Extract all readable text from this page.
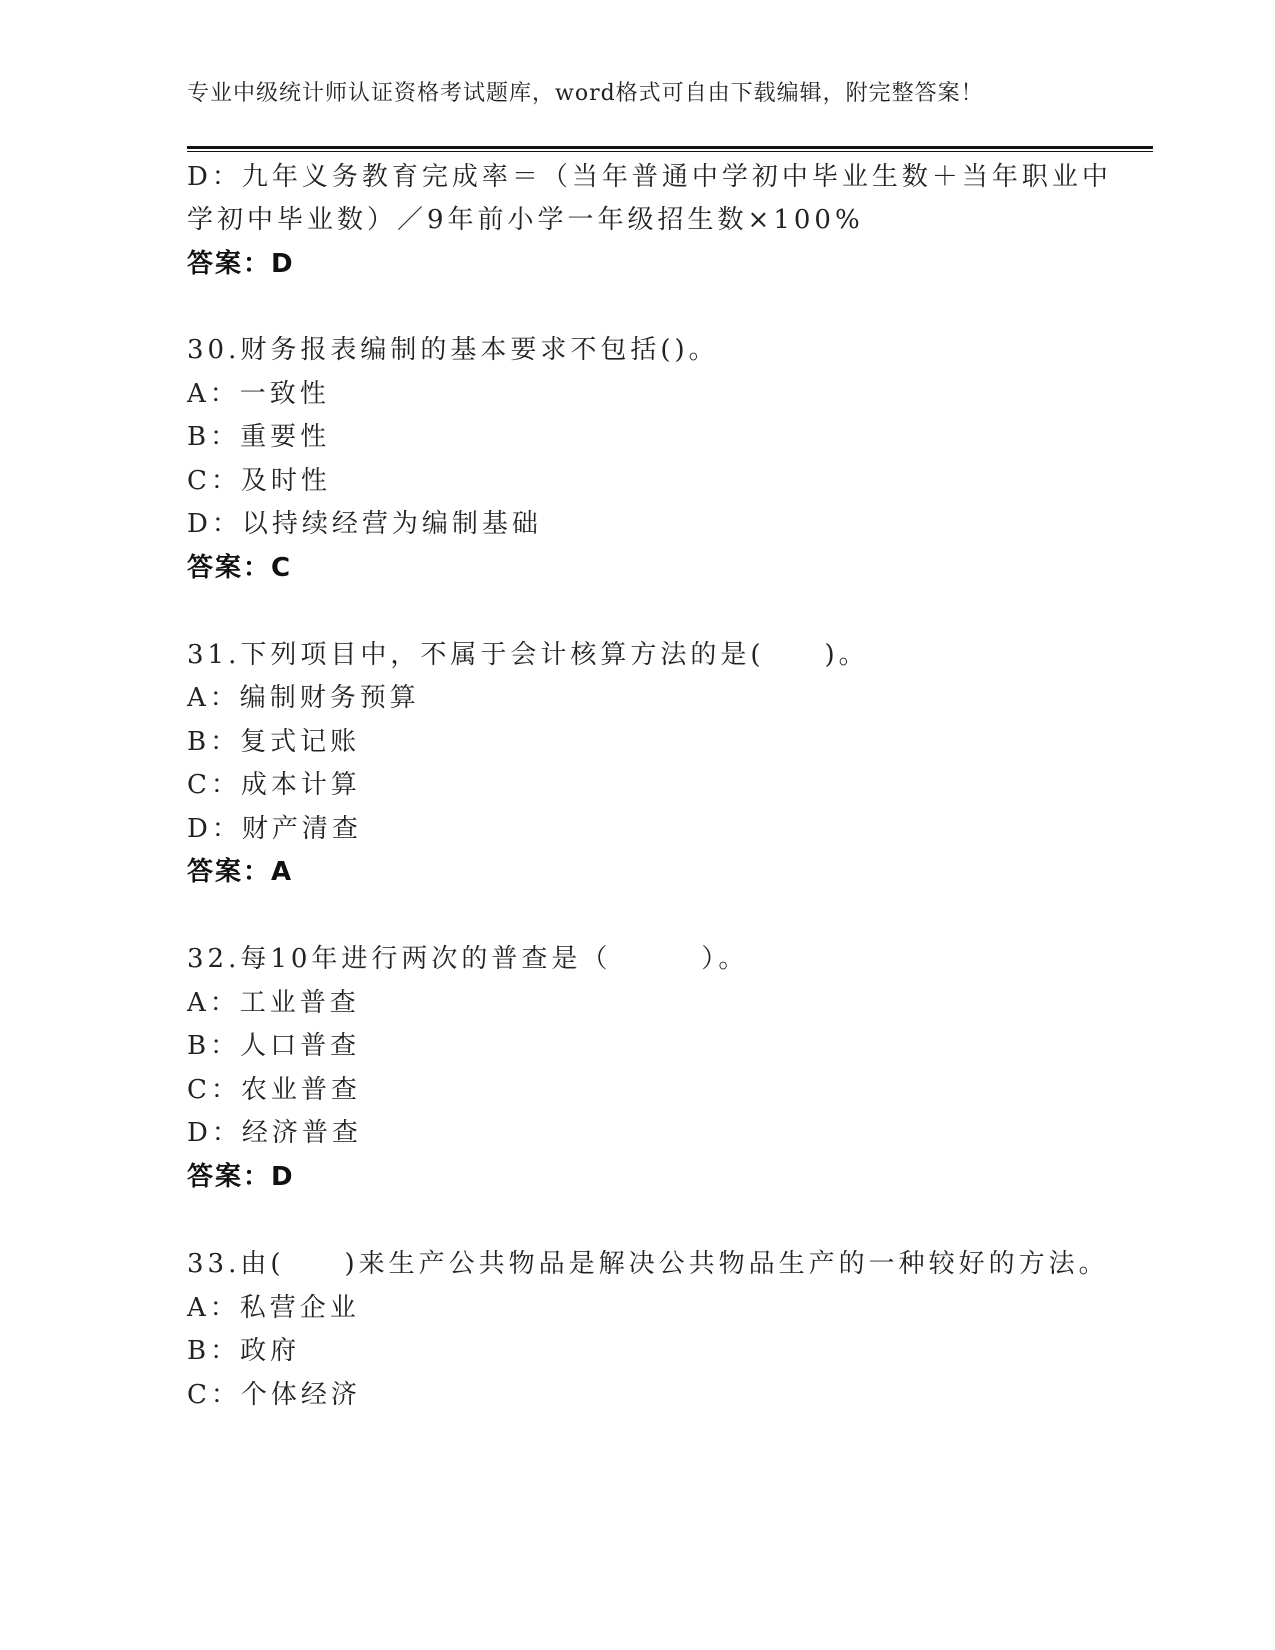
专业中级统计师认证资格考试题库，word格式可自由下载编辑，附完整答案！
D：九年义务教育完成率＝（当年普通中学初中毕业生数＋当年职业中
学初中毕业数）／9年前小学一年级招生数×100%
答案：D
30.财务报表编制的基本要求不包括()。
A：一致性
B：重要性
C：及时性
D：以持续经营为编制基础
答案：C
31.下列项目中，不属于会计核算方法的是(　　)。
A：编制财务预算
B：复式记账
C：成本计算
D：财产清查
答案：A
32.每10年进行两次的普查是（　　　）。
A：工业普查
B：人口普查
C：农业普查
D：经济普查
答案：D
33.由(　　)来生产公共物品是解决公共物品生产的一种较好的方法。
A：私营企业
B：政府
C：个体经济
